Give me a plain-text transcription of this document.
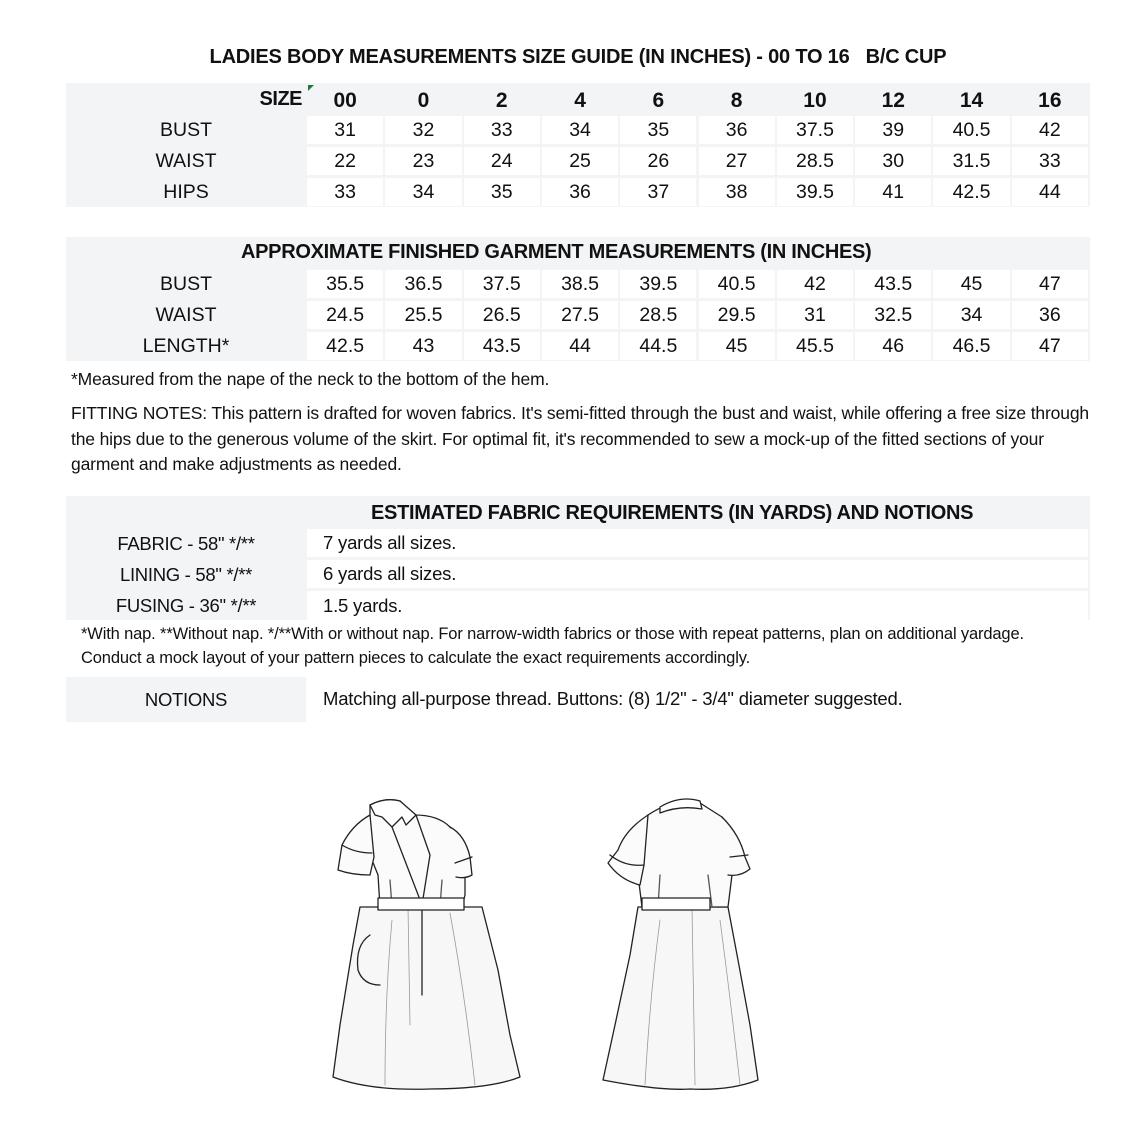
LADIES BODY MEASUREMENTS SIZE GUIDE (IN INCHES) - 00 TO 16   B/C CUP
SIZE	00	0	2	4	6	8	10	12	14	16
BUST	31	32	33	34	35	36	37.5	39	40.5	42
WAIST	22	23	24	25	26	27	28.5	30	31.5	33
HIPS	33	34	35	36	37	38	39.5	41	42.5	44
APPROXIMATE FINISHED GARMENT MEASUREMENTS (IN INCHES)
BUST	35.5	36.5	37.5	38.5	39.5	40.5	42	43.5	45	47
WAIST	24.5	25.5	26.5	27.5	28.5	29.5	31	32.5	34	36
LENGTH*	42.5	43	43.5	44	44.5	45	45.5	46	46.5	47
*Measured from the nape of the neck to the bottom of the hem.
FITTING NOTES: This pattern is drafted for woven fabrics. It's semi-fitted through the bust and waist, while offering a free size through the hips due to the generous volume of the skirt. For optimal fit, it's recommended to sew a mock-up of the fitted sections of your garment and make adjustments as needed.
ESTIMATED FABRIC REQUIREMENTS (IN YARDS) AND NOTIONS
FABRIC - 58" */**	7 yards all sizes.
LINING - 58" */**	6 yards all sizes.
FUSING - 36" */**	1.5 yards.
*With nap. **Without nap. */**With or without nap. For narrow-width fabrics or those with repeat patterns, plan on additional yardage. Conduct a mock layout of your pattern pieces to calculate the exact requirements accordingly.
NOTIONS	Matching all-purpose thread. Buttons: (8) 1/2" - 3/4" diameter suggested.
